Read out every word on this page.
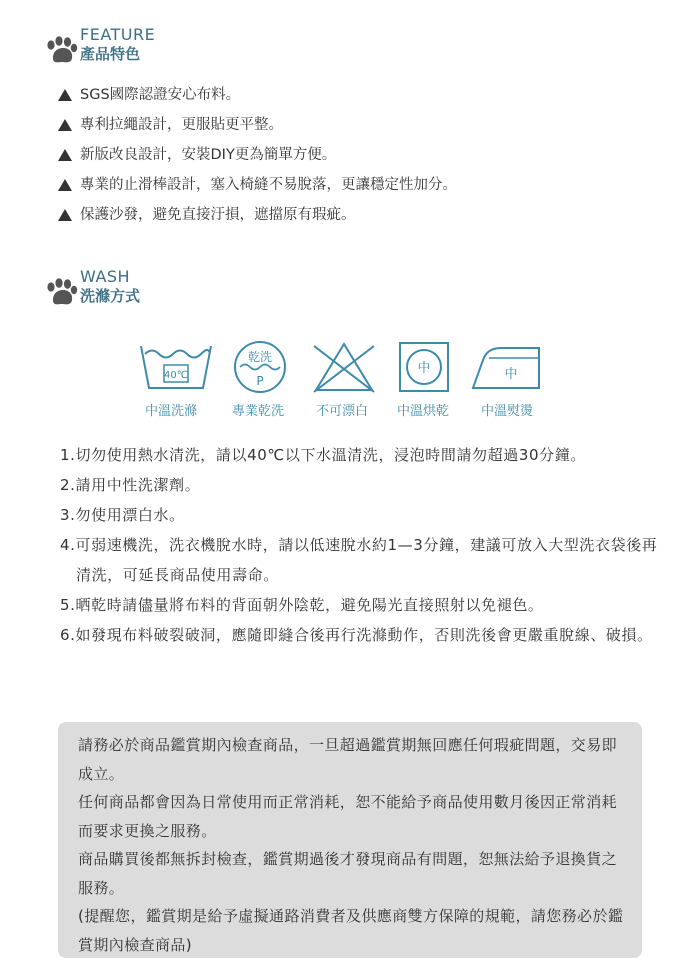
FEATURE
產品特色
SGS國際認證安心布料。
專利拉繩設計，更服貼更平整。
新版改良設計，安裝DIY更為簡單方便。
專業的止滑棒設計，塞入椅縫不易脫落，更讓穩定性加分。
保護沙發，避免直接汙損，遮擋原有瑕疵。
WASH
洗滌方式
40℃
中溫洗滌
乾洗
P
專業乾洗	不可漂白
中
中溫烘乾
中
中溫熨燙
1.切勿使用熱水清洗，請以40℃以下水溫清洗，浸泡時間請勿超過30分鐘。
2.請用中性洗潔劑。
3.勿使用漂白水。
4.可弱速機洗，洗衣機脫水時，請以低速脫水約1—3分鐘，建議可放入大型洗衣袋後再清洗，可延長商品使用壽命。
5.晒乾時請儘量將布料的背面朝外陰乾，避免陽光直接照射以免褪色。
6.如發現布料破裂破洞，應隨即縫合後再行洗滌動作，否則洗後會更嚴重脫線、破損。

請務必於商品鑑賞期內檢查商品，一旦超過鑑賞期無回應任何瑕疵問題，交易即成立。

任何商品都會因為日常使用而正常消耗，恕不能給予商品使用數月後因正常消耗而要求更換之服務。

商品購買後都無拆封檢查，鑑賞期過後才發現商品有問題，恕無法給予退換貨之服務。

(提醒您，鑑賞期是給予虛擬通路消費者及供應商雙方保障的規範，請您務必於鑑賞期內檢查商品)
